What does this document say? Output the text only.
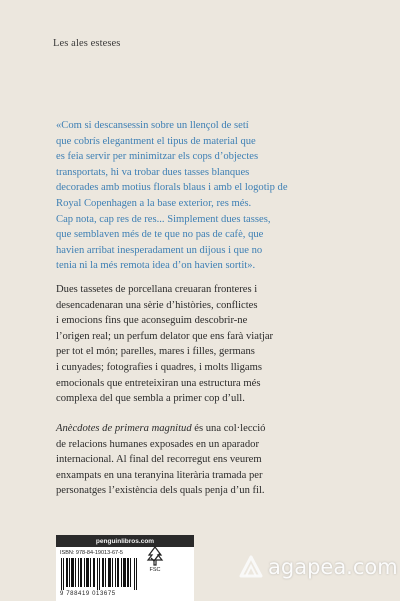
Les ales esteses

«Com si descansessin sobre un llençol de setí

que cobrís elegantment el tipus de material que

es feia servir per minimitzar els cops d’objectes

transportats, hi va trobar dues tasses blanques

decorades amb motius florals blaus i amb el logotip de

Royal Copenhagen a la base exterior, res més.

Cap nota, cap res de res... Simplement dues tasses,

que semblaven més de te que no pas de cafè, que

havien arribat inesperadament un dijous i que no

tenia ni la més remota idea d’on havien sortit».

Dues tassetes de porcellana creuaran fronteres i

desencadenaran una sèrie d’històries, conflictes

i emocions fins que aconseguim descobrir-ne

l’origen real; un perfum delator que ens farà viatjar

per tot el món; parelles, mares i filles, germans

i cunyades; fotografies i quadres, i molts lligams

emocionals que entreteixiran una estructura més

complexa del que sembla a primer cop d’ull.

Anècdotes de primera magnitud és una col·lecció

de relacions humanes exposades en un aparador

internacional. Al final del recorregut ens veurem

enxampats en una teranyina literària tramada per

personatges l’existència dels quals penja d’un fil.

penguinlibros.com
ISBN: 978-84-19013-67-5
9 788419 013675
FSC	agapea.com
